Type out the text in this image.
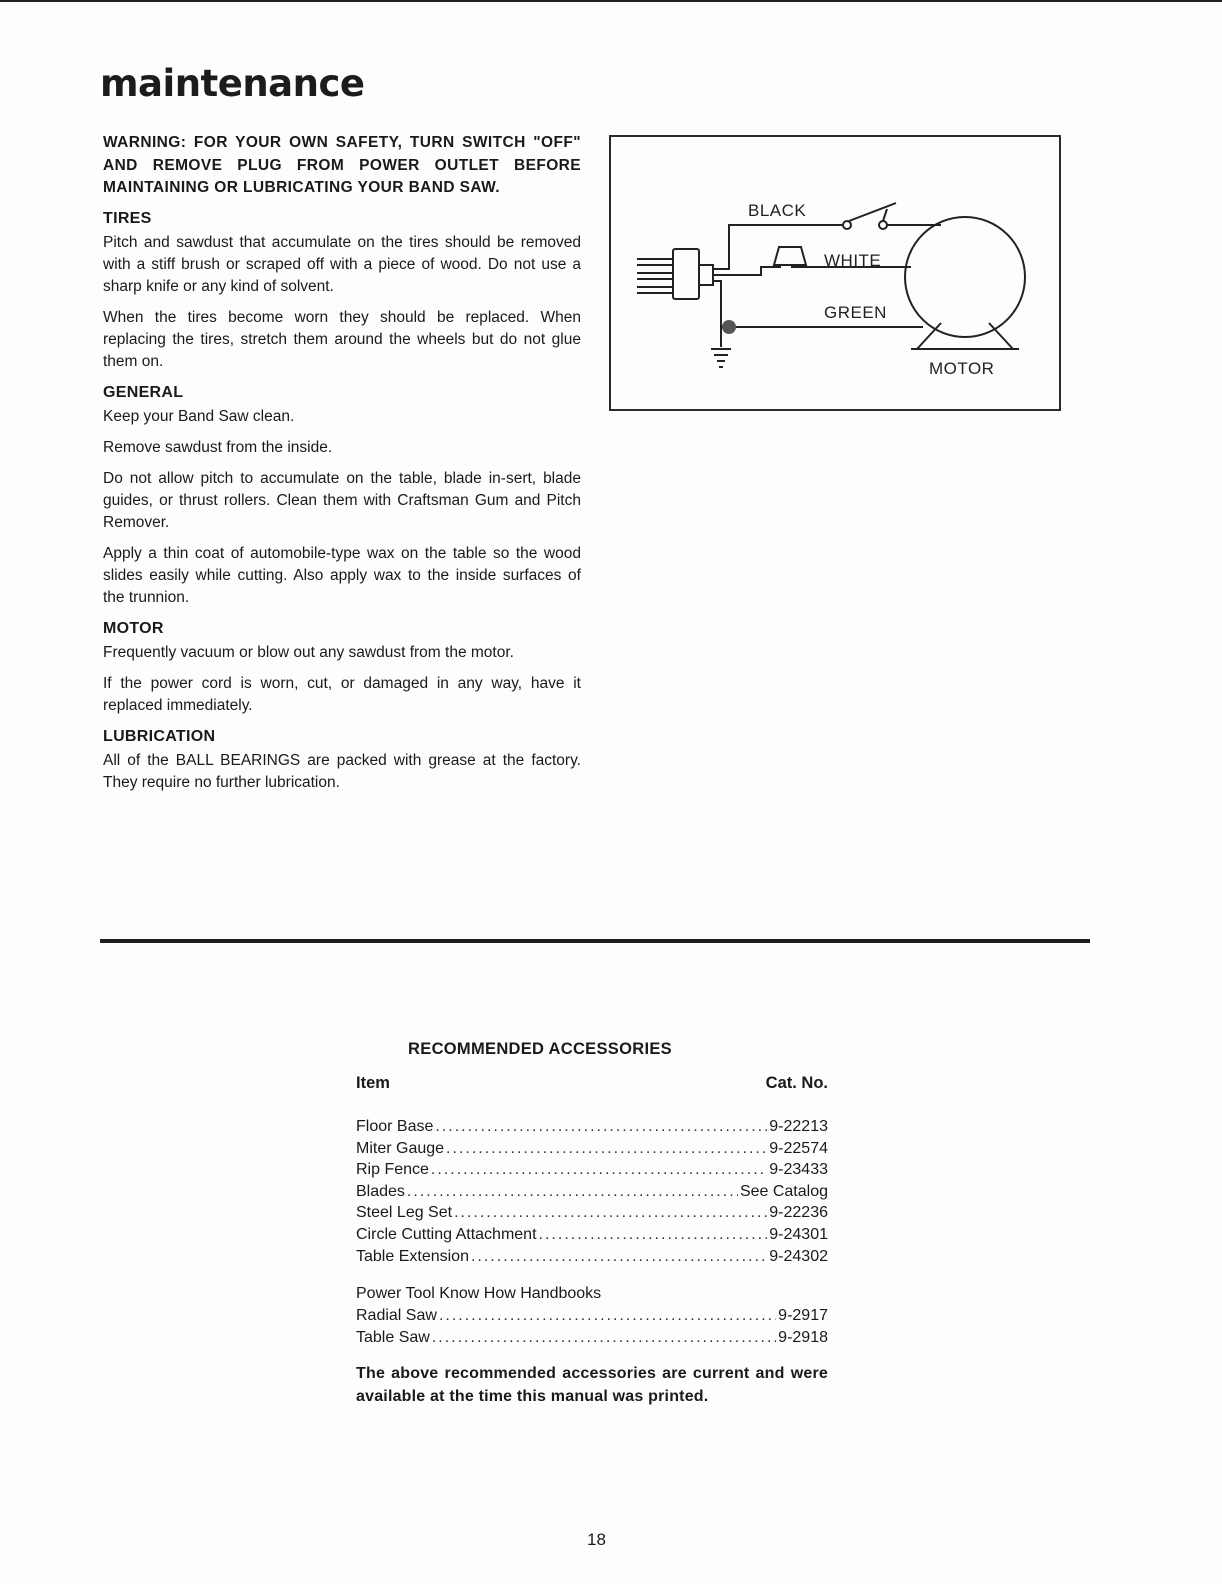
maintenance

WARNING: FOR YOUR OWN SAFETY, TURN SWITCH "OFF" AND REMOVE PLUG FROM POWER OUTLET BEFORE MAINTAINING OR LUBRICATING YOUR BAND SAW.

TIRES

Pitch and sawdust that accumulate on the tires should be removed with a stiff brush or scraped off with a piece of wood. Do not use a sharp knife or any kind of solvent.

When the tires become worn they should be replaced. When replacing the tires, stretch them around the wheels but do not glue them on.

GENERAL

Keep your Band Saw clean.

Remove sawdust from the inside.

Do not allow pitch to accumulate on the table, blade in-sert, blade guides, or thrust rollers. Clean them with Craftsman Gum and Pitch Remover.

Apply a thin coat of automobile-type wax on the table so the wood slides easily while cutting. Also apply wax to the inside surfaces of the trunnion.

MOTOR

Frequently vacuum or blow out any sawdust from the motor.

If the power cord is worn, cut, or damaged in any way, have it replaced immediately.

LUBRICATION

All of the BALL BEARINGS are packed with grease at the factory. They require no further lubrication.

BLACK
WHITE
GREEN
MOTOR
RECOMMENDED ACCESSORIES
Item	Cat. No.
Floor Base .....	9-22213
Miter Gauge .....	9-22574
Rip Fence .....	9-23433
Blades .....	See Catalog
Steel Leg Set .....	9-22236
Circle Cutting Attachment .....	9-24301
Table Extension .....	9-24302
Power Tool Know How Handbooks
Radial Saw .....	9-2917
Table Saw .....	9-2918
The above recommended accessories are current and were available at the time this manual was printed.
18
